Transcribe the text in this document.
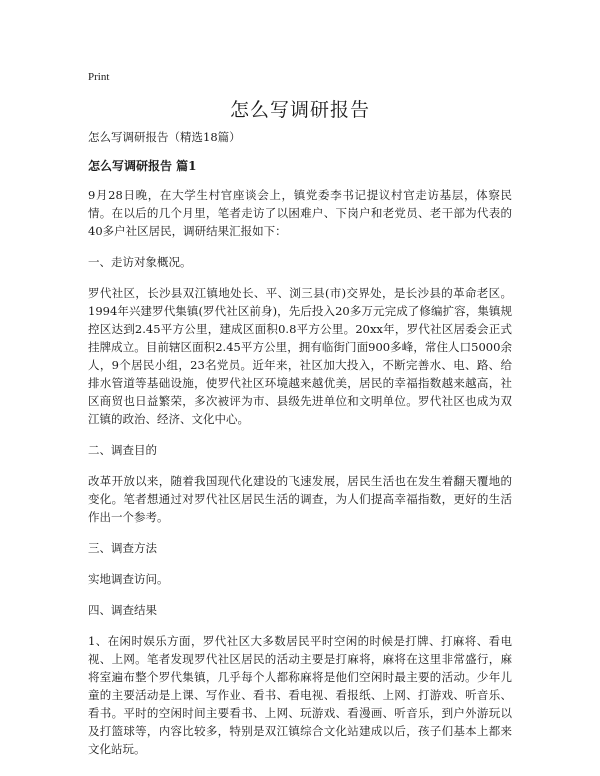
Print
怎么写调研报告

怎么写调研报告（精选18篇）

怎么写调研报告 篇1

9月28日晚，在大学生村官座谈会上，镇党委李书记提议村官走访基层，体察民情。在以后的几个月里，笔者走访了以困难户、下岗户和老党员、老干部为代表的40多户社区居民，调研结果汇报如下：

一、走访对象概况。

罗代社区，长沙县双江镇地处长、平、浏三县(市)交界处，是长沙县的革命老区。1994年兴建罗代集镇(罗代社区前身)，先后投入20多万元完成了修编扩容，集镇规控区达到2.45平方公里，建成区面积0.8平方公里。20xx年，罗代社区居委会正式挂牌成立。目前辖区面积2.45平方公里，拥有临街门面900多峰，常住人口5000余人，9个居民小组，23名党员。近年来，社区加大投入，不断完善水、电、路、给排水管道等基础设施，使罗代社区环境越来越优美，居民的幸福指数越来越高，社区商贸也日益繁荣，多次被评为市、县级先进单位和文明单位。罗代社区也成为双江镇的政治、经济、文化中心。

二、调查目的

改革开放以来，随着我国现代化建设的飞速发展，居民生活也在发生着翻天覆地的变化。笔者想通过对罗代社区居民生活的调查，为人们提高幸福指数，更好的生活作出一个参考。

三、调查方法

实地调查访问。

四、调查结果

1、在闲时娱乐方面，罗代社区大多数居民平时空闲的时候是打牌、打麻将、看电视、上网。笔者发现罗代社区居民的活动主要是打麻将，麻将在这里非常盛行，麻将室遍布整个罗代集镇，几乎每个人都称麻将是他们空闲时最主要的活动。少年儿童的主要活动是上课、写作业、看书、看电视、看报纸、上网、打游戏、听音乐、看书。平时的空闲时间主要看书、上网、玩游戏、看漫画、听音乐，到户外游玩以及打篮球等，内容比较多，特别是双江镇综合文化站建成以后，孩子们基本上都来文化站玩。
